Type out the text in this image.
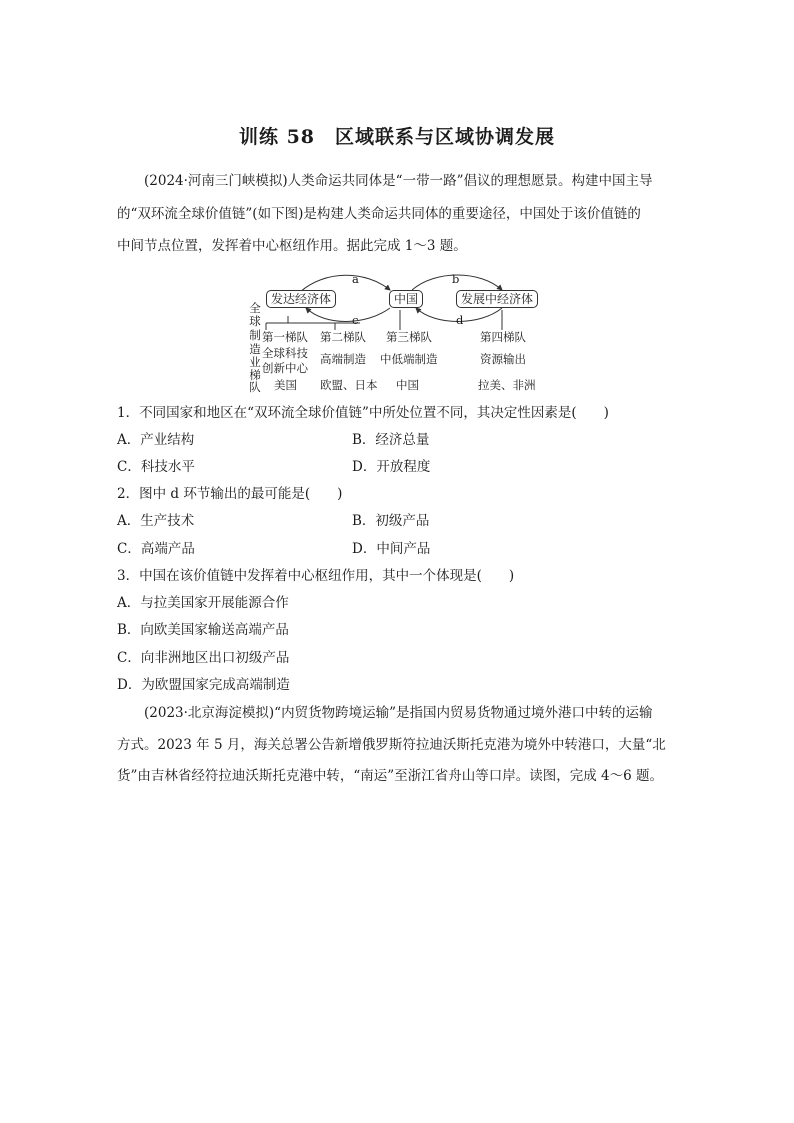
训练 58　区域联系与区域协调发展
(2024·河南三门峡模拟)人类命运共同体是“一带一路”倡议的理想愿景。构建中国主导
的“双环流全球价值链”(如下图)是构建人类命运共同体的重要途径，中国处于该价值链的
中间节点位置，发挥着中心枢纽作用。据此完成 1～3 题。
发达经济体	中国	发展中经济体
a	b
c	d
全
球
制
造
业
梯
队
第一梯队
全球科技
创新中心
美国
第二梯队
高端制造
欧盟、日本
第三梯队
中低端制造
中国
第四梯队
资源输出
拉美、非洲
1．不同国家和地区在“双环流全球价值链”中所处位置不同，其决定性因素是(　　)
A．产业结构	B．经济总量
C．科技水平	D．开放程度
2．图中 d 环节输出的最可能是(　　)
A．生产技术	B．初级产品
C．高端产品	D．中间产品
3．中国在该价值链中发挥着中心枢纽作用，其中一个体现是(　　)
A．与拉美国家开展能源合作
B．向欧美国家输送高端产品
C．向非洲地区出口初级产品
D．为欧盟国家完成高端制造
(2023·北京海淀模拟)“内贸货物跨境运输”是指国内贸易货物通过境外港口中转的运输
方式。2023 年 5 月，海关总署公告新增俄罗斯符拉迪沃斯托克港为境外中转港口，大量“北
货”由吉林省经符拉迪沃斯托克港中转，“南运”至浙江省舟山等口岸。读图，完成 4～6 题。
